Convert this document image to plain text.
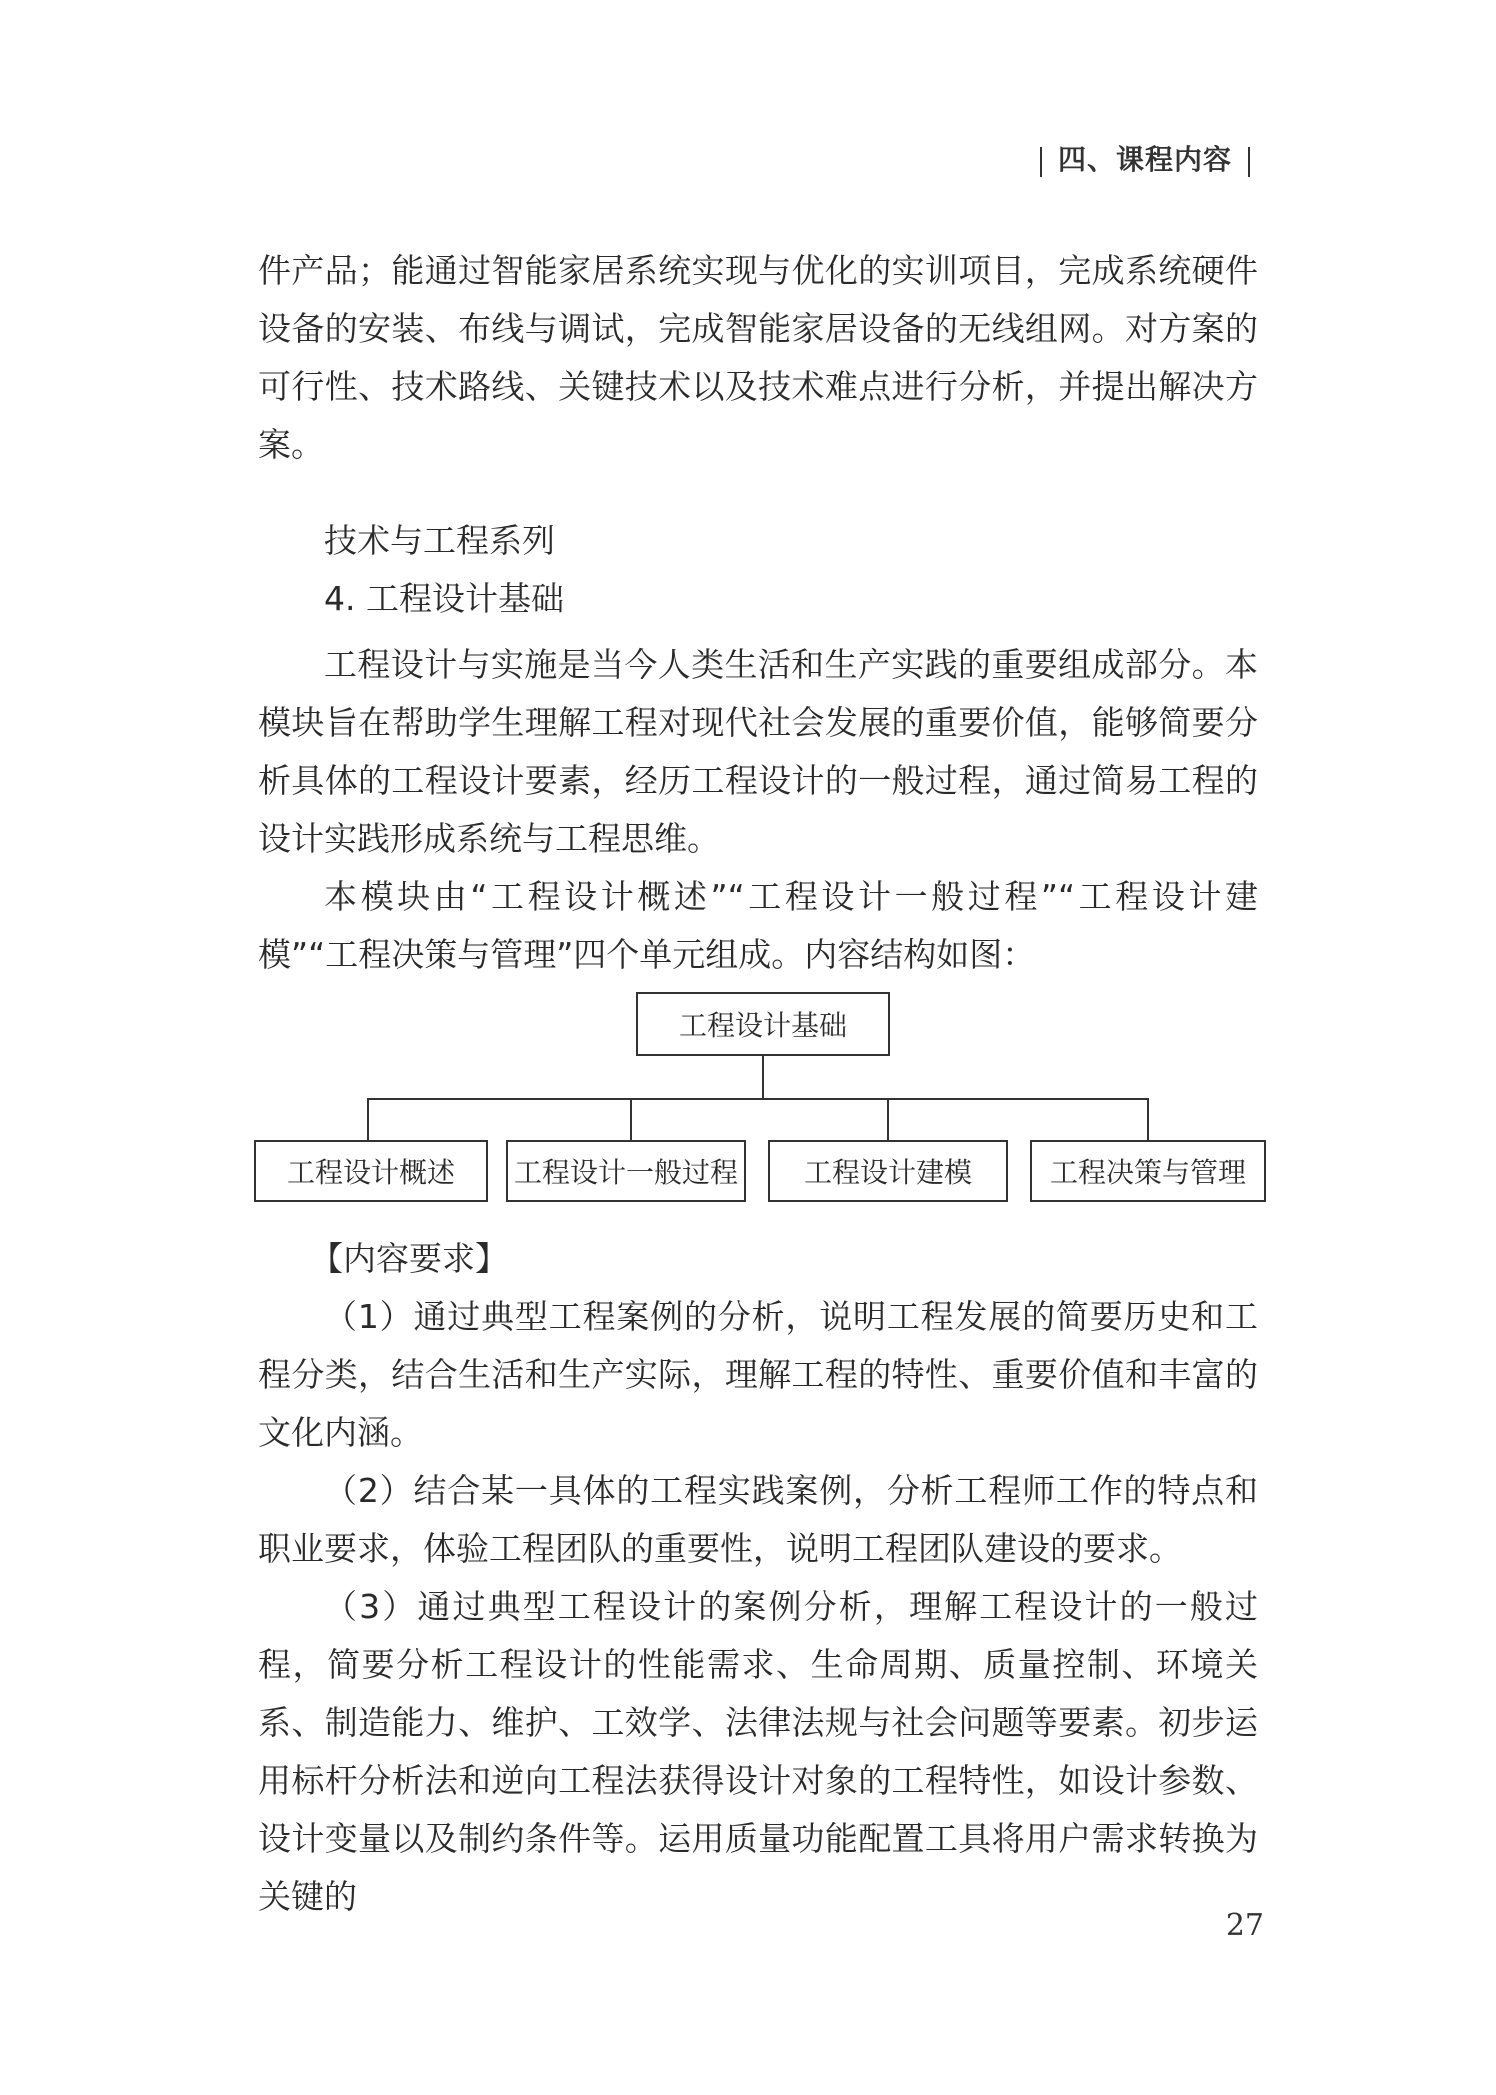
四、课程内容

件产品；能通过智能家居系统实现与优化的实训项目，完成系统硬件设备的安装、布线与调试，完成智能家居设备的无线组网。对方案的可行性、技术路线、关键技术以及技术难点进行分析，并提出解决方案。

技术与工程系列

4. 工程设计基础

工程设计与实施是当今人类生活和生产实践的重要组成部分。本模块旨在帮助学生理解工程对现代社会发展的重要价值，能够简要分析具体的工程设计要素，经历工程设计的一般过程，通过简易工程的设计实践形成系统与工程思维。

本模块由“工程设计概述”“工程设计一般过程”“工程设计建模”“工程决策与管理”四个单元组成。内容结构如图：

工程设计基础
工程设计概述	工程设计一般过程	工程设计建模	工程决策与管理

【内容要求】

（1）通过典型工程案例的分析，说明工程发展的简要历史和工程分类，结合生活和生产实际，理解工程的特性、重要价值和丰富的文化内涵。

（2）结合某一具体的工程实践案例，分析工程师工作的特点和职业要求，体验工程团队的重要性，说明工程团队建设的要求。

（3）通过典型工程设计的案例分析，理解工程设计的一般过程，简要分析工程设计的性能需求、生命周期、质量控制、环境关系、制造能力、维护、工效学、法律法规与社会问题等要素。初步运用标杆分析法和逆向工程法获得设计对象的工程特性，如设计参数、设计变量以及制约条件等。运用质量功能配置工具将用户需求转换为关键的

27
